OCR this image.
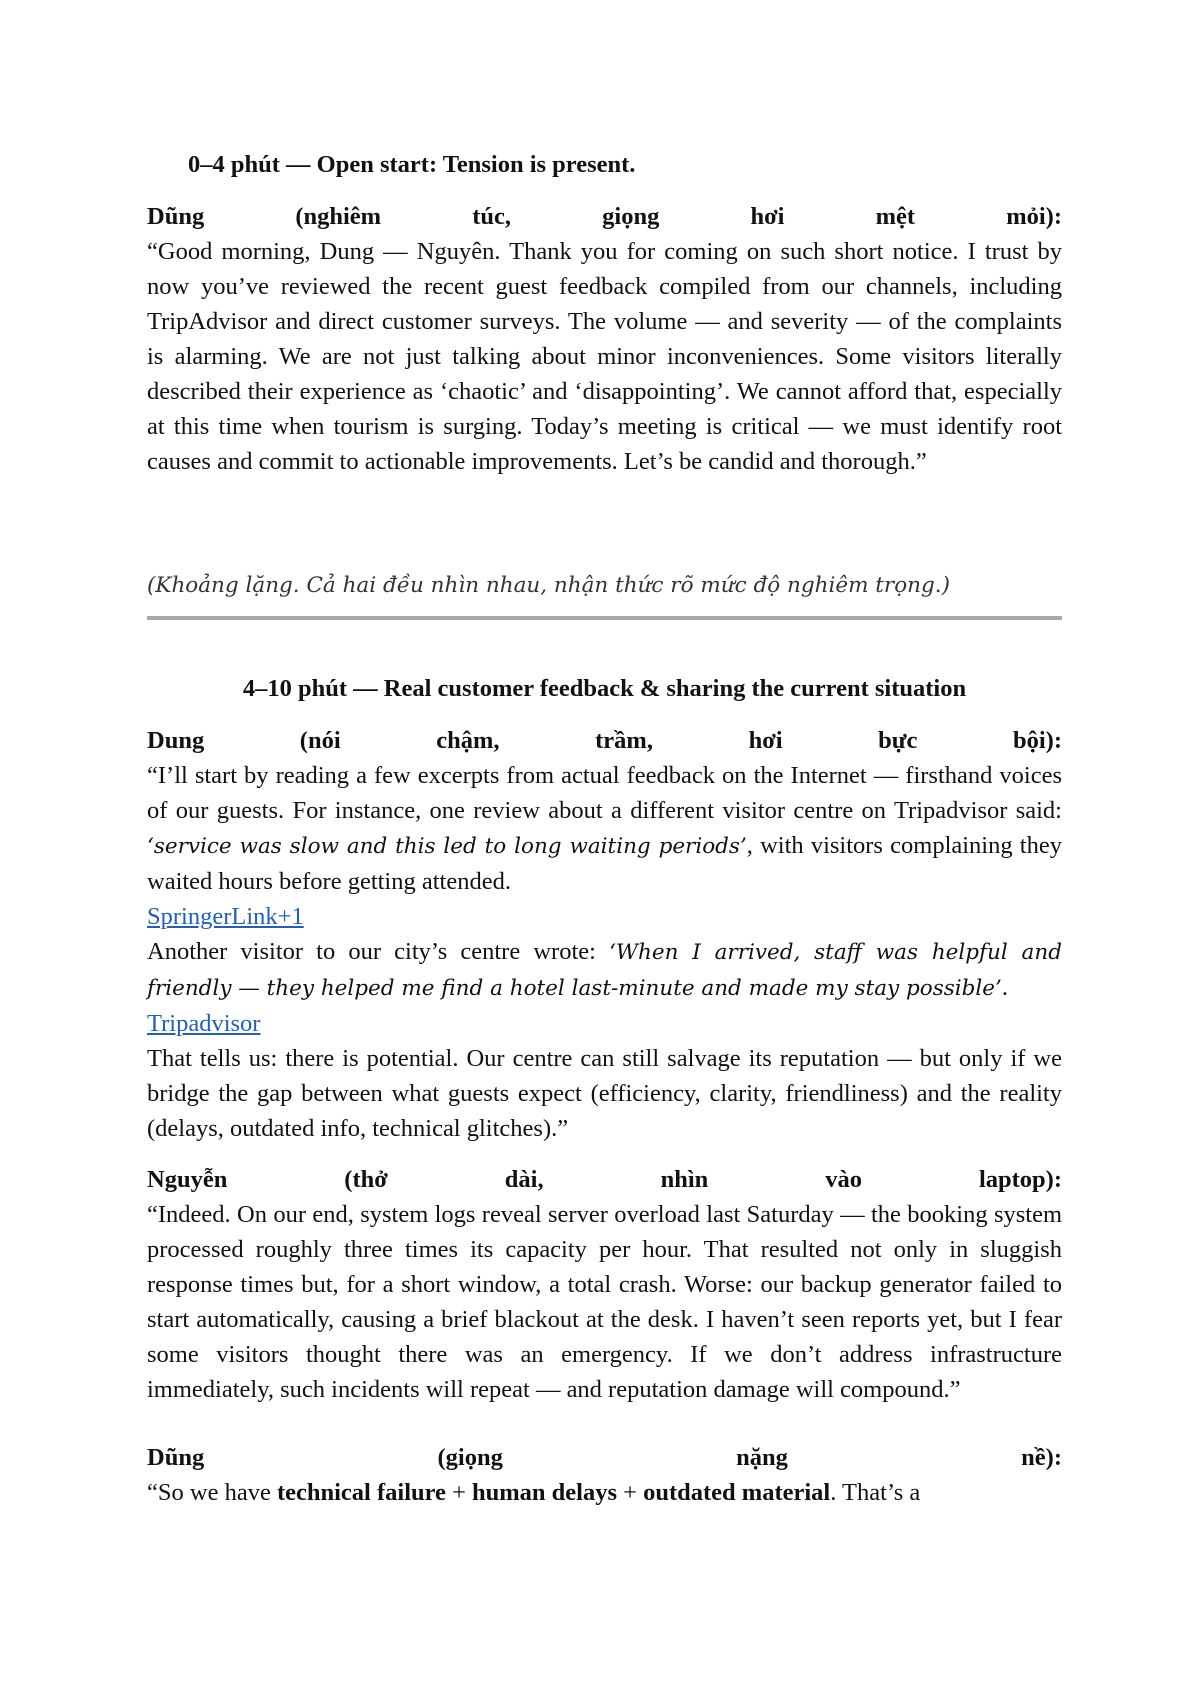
0–4 phút — Open start: Tension is present.

Dũng (nghiêm túc, giọng hơi mệt mỏi):
“Good morning, Dung — Nguyên. Thank you for coming on such short notice. I trust by now you’ve reviewed the recent guest feedback compiled from our channels, including TripAdvisor and direct customer surveys. The volume — and severity — of the complaints is alarming. We are not just talking about minor inconveniences. Some visitors literally described their experience as ‘chaotic’ and ‘disappointing’. We cannot afford that, especially at this time when tourism is surging. Today’s meeting is critical — we must identify root causes and commit to actionable improvements. Let’s be candid and thorough.”

(Khoảng lặng. Cả hai đều nhìn nhau, nhận thức rõ mức độ nghiêm trọng.)

4–10 phút — Real customer feedback & sharing the current situation

Dung (nói chậm, trầm, hơi bực bội):
“I’ll start by reading a few excerpts from actual feedback on the Internet — firsthand voices of our guests. For instance, one review about a different visitor centre on Tripadvisor said: ‘service was slow and this led to long waiting periods’, with visitors complaining they waited hours before getting attended.
SpringerLink+1
Another visitor to our city’s centre wrote: ‘When I arrived, staff was helpful and friendly — they helped me find a hotel last-minute and made my stay possible’.
Tripadvisor
That tells us: there is potential. Our centre can still salvage its reputation — but only if we bridge the gap between what guests expect (efficiency, clarity, friendliness) and the reality (delays, outdated info, technical glitches).”

Nguyễn (thở dài, nhìn vào laptop):
“Indeed. On our end, system logs reveal server overload last Saturday — the booking system processed roughly three times its capacity per hour. That resulted not only in sluggish response times but, for a short window, a total crash. Worse: our backup generator failed to start automatically, causing a brief blackout at the desk. I haven’t seen reports yet, but I fear some visitors thought there was an emergency. If we don’t address infrastructure immediately, such incidents will repeat — and reputation damage will compound.”

Dũng (giọng nặng nề):
“So we have technical failure + human delays + outdated material. That’s a
